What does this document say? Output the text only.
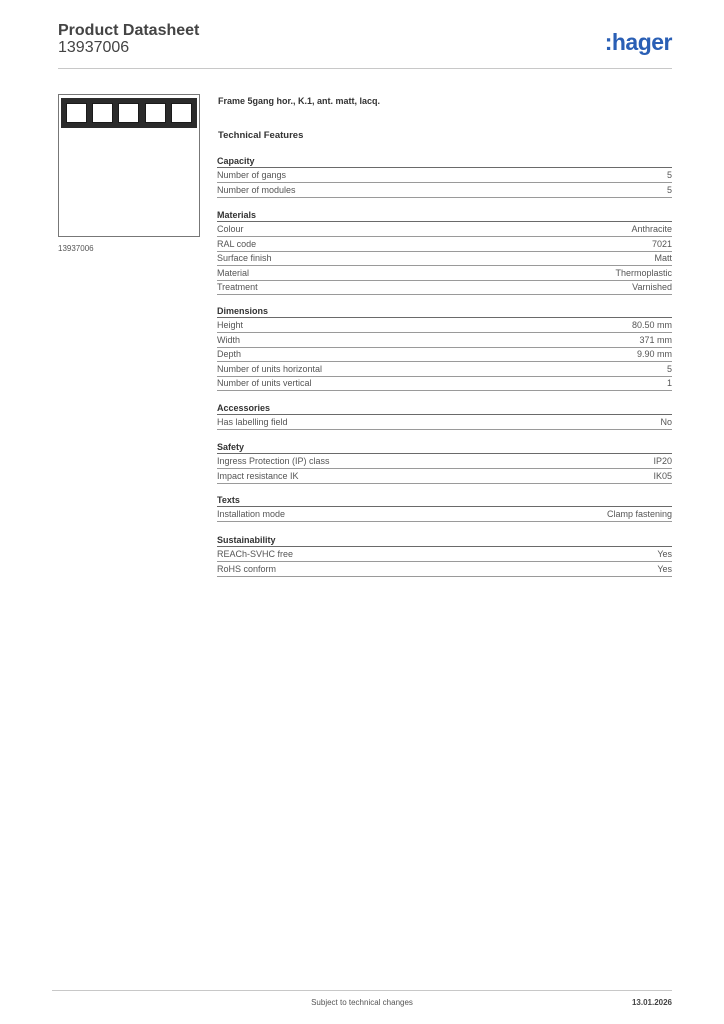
Product Datasheet
13937006	:hager
13937006
Frame 5gang hor., K.1, ant. matt, lacq.
Technical Features
Capacity
Number of gangs	5
Number of modules	5
Materials
Colour	Anthracite
RAL code	7021
Surface finish	Matt
Material	Thermoplastic
Treatment	Varnished
Dimensions
Height	80.50 mm
Width	371 mm
Depth	9.90 mm
Number of units horizontal	5
Number of units vertical	1
Accessories
Has labelling field	No
Safety
Ingress Protection (IP) class	IP20
Impact resistance IK	IK05
Texts
Installation mode	Clamp fastening
Sustainability
REACh-SVHC free	Yes
RoHS conform	Yes
Subject to technical changes	13.01.2026
